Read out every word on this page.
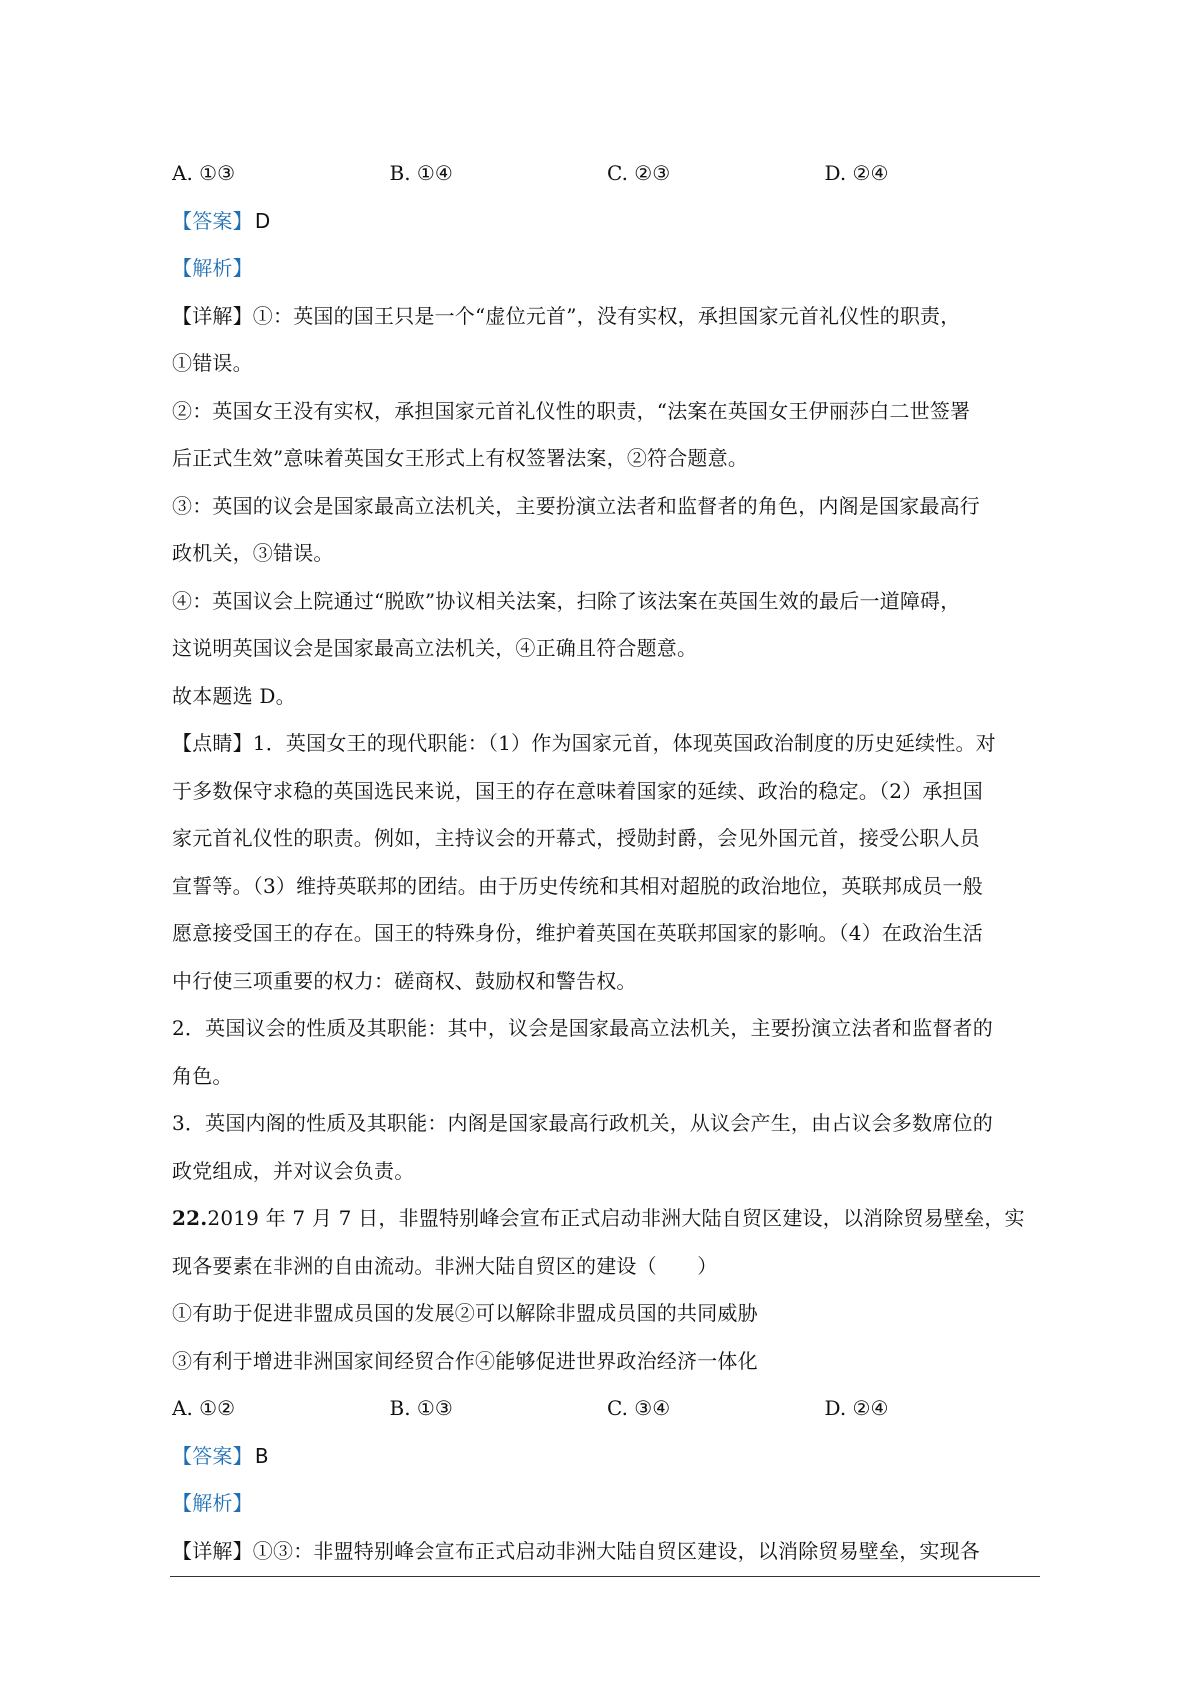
A. ①③	B. ①④	C. ②③	D. ②④
【答案】 D
【解析】
【详解】①：英国的国王只是一个“虚位元首”，没有实权，承担国家元首礼仪性的职责，
①错误。
②：英国女王没有实权，承担国家元首礼仪性的职责，“法案在英国女王伊丽莎白二世签署
后正式生效”意味着英国女王形式上有权签署法案，②符合题意。
③：英国的议会是国家最高立法机关，主要扮演立法者和监督者的角色，内阁是国家最高行
政机关，③错误。
④：英国议会上院通过“脱欧”协议相关法案，扫除了该法案在英国生效的最后一道障碍，
这说明英国议会是国家最高立法机关，④正确且符合题意。
故本题选 D。
【点睛】1．英国女王的现代职能：（1）作为国家元首，体现英国政治制度的历史延续性。对
于多数保守求稳的英国选民来说，国王的存在意味着国家的延续、政治的稳定。（2）承担国
家元首礼仪性的职责。例如，主持议会的开幕式，授勋封爵，会见外国元首，接受公职人员
宣誓等。（3）维持英联邦的团结。由于历史传统和其相对超脱的政治地位，英联邦成员一般
愿意接受国王的存在。国王的特殊身份，维护着英国在英联邦国家的影响。（4）在政治生活
中行使三项重要的权力：磋商权、鼓励权和警告权。
2．英国议会的性质及其职能：其中，议会是国家最高立法机关，主要扮演立法者和监督者的
角色。
3．英国内阁的性质及其职能：内阁是国家最高行政机关，从议会产生，由占议会多数席位的
政党组成，并对议会负责。
22.2019 年 7 月 7 日，非盟特别峰会宣布正式启动非洲大陆自贸区建设，以消除贸易壁垒，实
现各要素在非洲的自由流动。非洲大陆自贸区的建设（　　）
①有助于促进非盟成员国的发展②可以解除非盟成员国的共同威胁
③有利于增进非洲国家间经贸合作④能够促进世界政治经济一体化
A. ①②	B. ①③	C. ③④	D. ②④
【答案】 B
【解析】
【详解】①③：非盟特别峰会宣布正式启动非洲大陆自贸区建设，以消除贸易壁垒，实现各
